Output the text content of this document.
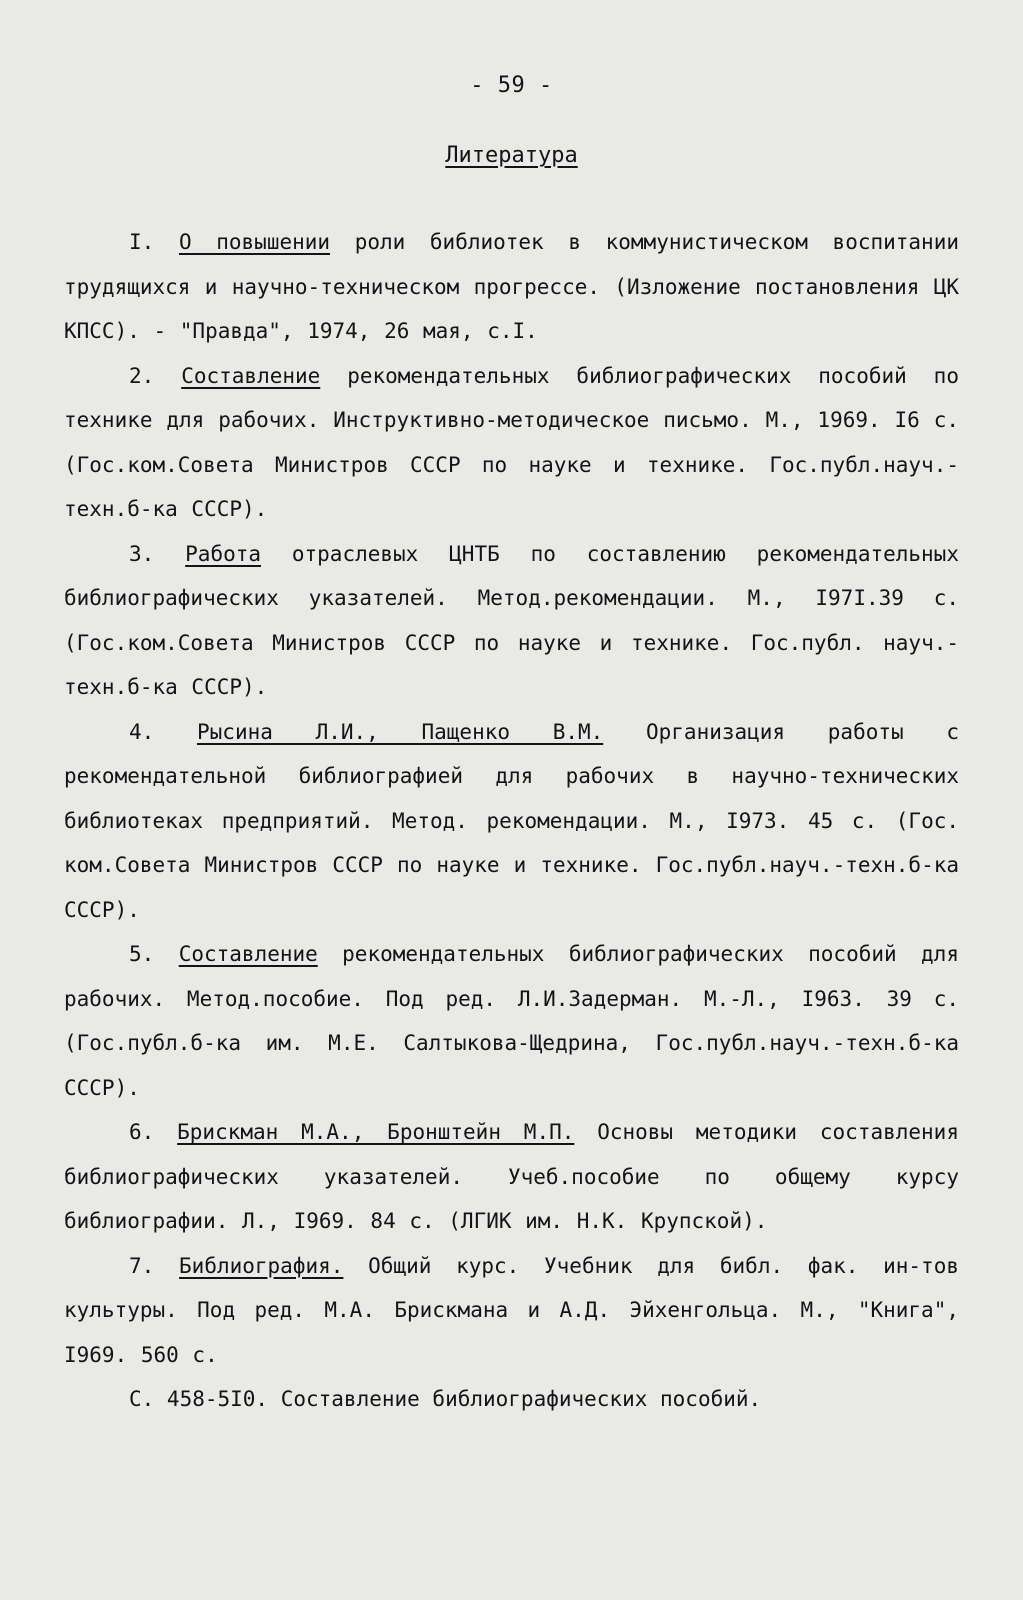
- 59 -
Литература

I. О повышении роли библиотек в коммунистическом воспитании трудящихся и научно-техническом прогрессе. (Изложение постановления ЦК КПСС). - "Правда", 1974, 26 мая, с.I.

2. Составление рекомендательных библиографических пособий по технике для рабочих. Инструктивно-методическое письмо. М., 1969. I6 с. (Гос.ком.Совета Министров СССР по науке и технике. Гос.публ.науч.-техн.б-ка СССР).

3. Работа отраслевых ЦНТБ по составлению рекомендательных библиографических указателей. Метод.рекомендации. М., I97I.39 с. (Гос.ком.Совета Министров СССР по науке и технике. Гос.публ. науч.-техн.б-ка СССР).

4. Рысина Л.И., Пащенко В.М. Организация работы с рекомендательной библиографией для рабочих в научно-технических библиотеках предприятий. Метод. рекомендации. М., I973. 45 с. (Гос. ком.Совета Министров СССР по науке и технике. Гос.публ.науч.-техн.б-ка СССР).

5. Составление рекомендательных библиографических пособий для рабочих. Метод.пособие. Под ред. Л.И.Задерман. М.-Л., I963. 39 с. (Гос.публ.б-ка им. М.Е. Салтыкова-Щедрина, Гос.публ.науч.-техн.б-ка СССР).

6. Брискман М.А., Бронштейн М.П. Основы методики составления библиографических указателей. Учеб.пособие по общему курсу библиографии. Л., I969. 84 с. (ЛГИК им. Н.К. Крупской).

7. Библиография. Общий курс. Учебник для библ. фак. ин-тов культуры. Под ред. М.А. Брискмана и А.Д. Эйхенгольца. М., "Книга", I969. 560 с.

С. 458-5I0. Составление библиографических пособий.
